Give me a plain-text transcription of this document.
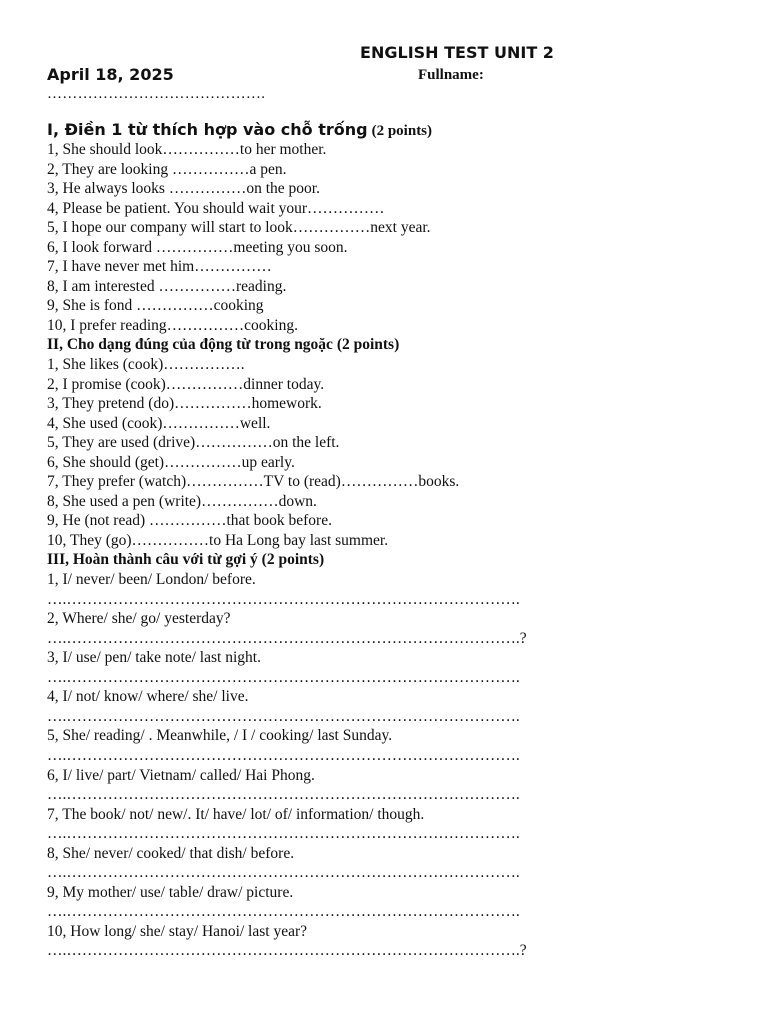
ENGLISH TEST UNIT 2
April 18, 2025	Fullname:
…………………………………….
I, Điền 1 từ thích hợp vào chỗ trống (2 points)
1, She should look……………to her mother.
2, They are looking ……………a pen.
3, He always looks ……………on the poor.
4, Please be patient. You should wait your……………
5, I hope our company will start to look……………next year.
6, I look forward ……………meeting you soon.
7, I have never met him……………
8, I am interested ……………reading.
9, She is fond ……………cooking
10, I prefer reading……………cooking.
II, Cho dạng đúng của động từ trong ngoặc (2 points)
1, She likes (cook)…………….
2, I promise (cook)……………dinner today.
3, They pretend (do)……………homework.
4, She used (cook)……………well.
5, They are used (drive)……………on the left.
6, She should (get)……………up early.
7, They prefer (watch)……………TV to (read)……………books.
8, She used a pen (write)……………down.
9, He (not read) ……………that book before.
10, They (go)……………to Ha Long bay last summer.
III, Hoàn thành câu với từ gợi ý (2 points)
1, I/ never/ been/ London/ before.
….…………………………………………………………………………….
2, Where/ she/ go/ yesterday?
….…………………………………………………………………………….?
3, I/ use/ pen/ take note/ last night.
….…………………………………………………………………………….
4, I/ not/ know/ where/ she/ live.
….…………………………………………………………………………….
5, She/ reading/ . Meanwhile, / I / cooking/ last Sunday.
….…………………………………………………………………………….
6, I/ live/ part/ Vietnam/ called/ Hai Phong.
….…………………………………………………………………………….
7, The book/ not/ new/. It/ have/ lot/ of/ information/ though.
….…………………………………………………………………………….
8, She/ never/ cooked/ that dish/ before.
….…………………………………………………………………………….
9, My mother/ use/ table/ draw/ picture.
….…………………………………………………………………………….
10, How long/ she/ stay/ Hanoi/ last year?
….…………………………………………………………………………….?
